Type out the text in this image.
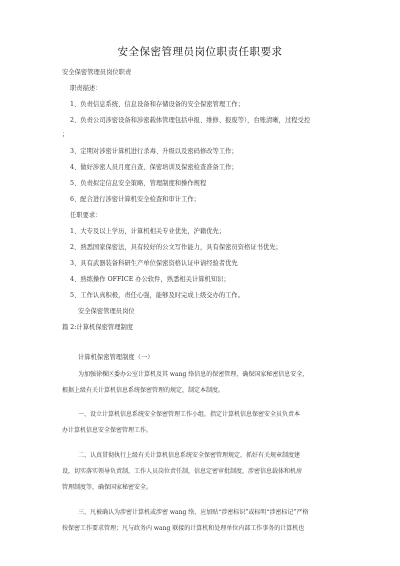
安全保密管理员岗位职责任职要求
安全保密管理员岗位职责
职责描述：
1、负责信息系统、信息设备和存储设备的安全保密管理工作；
2、负责公司涉密设备和涉密载体管理包括申报、维修、报废等），台账清晰，过程受控
；
3、定期对涉密计算机进行杀毒、升级以及密码修改等工作；
4、做好涉密人员月度自查、保密培训及保密检查准备工作；
5、负责拟定信息安全策略、管理制度和操作规程
6、配合进行涉密计算机安全检查和审计工作；
任职要求：
1、大专及以上学历，计算机相关专业优先，沪籍优先；
2、熟悉国家保密法，具有较好的公文写作能力，具有保密员资格证书优先；
3、具有武器装备科研生产单位保密资格认证申请经验者优先
4、熟练操作 OFFICE 办公软件，熟悉相关计算机知识；
5、工作认真积极，责任心强，能够及时完成上级交办的工作。
安全保密管理员岗位
篇 2:计算机保密管理制度
计算机保密管理制度（一）
为加强徐棵区委办公室计算机及其 wang 络信息的保密管理，确保国家秘密信息安全，
根据上级有关计算机信息系统保密管理的规定，制定本制度。
一、设立计算机信息系统安全保密管理工作小组，指定计算机信息保密安全员负责本
办计算机信息安全保密管理工作。
二、认真贯彻执行上级有关计算机信息系统安全保密管理规定，抓好有关规章制度建
设，切实落实领导负责制，工作人员岗位责任制，信息定密审批制度，涉密信息载体和机房
管理制度等，确保国家秘密安全。
三、凡被确认为涉密计算机或涉密 wang 络，应加贴“涉密标识”或标明“涉密标记”严格
按保密工作要求管理；凡与政务内 wang 联接的计算机和处理单位内部工作事务的计算机也
